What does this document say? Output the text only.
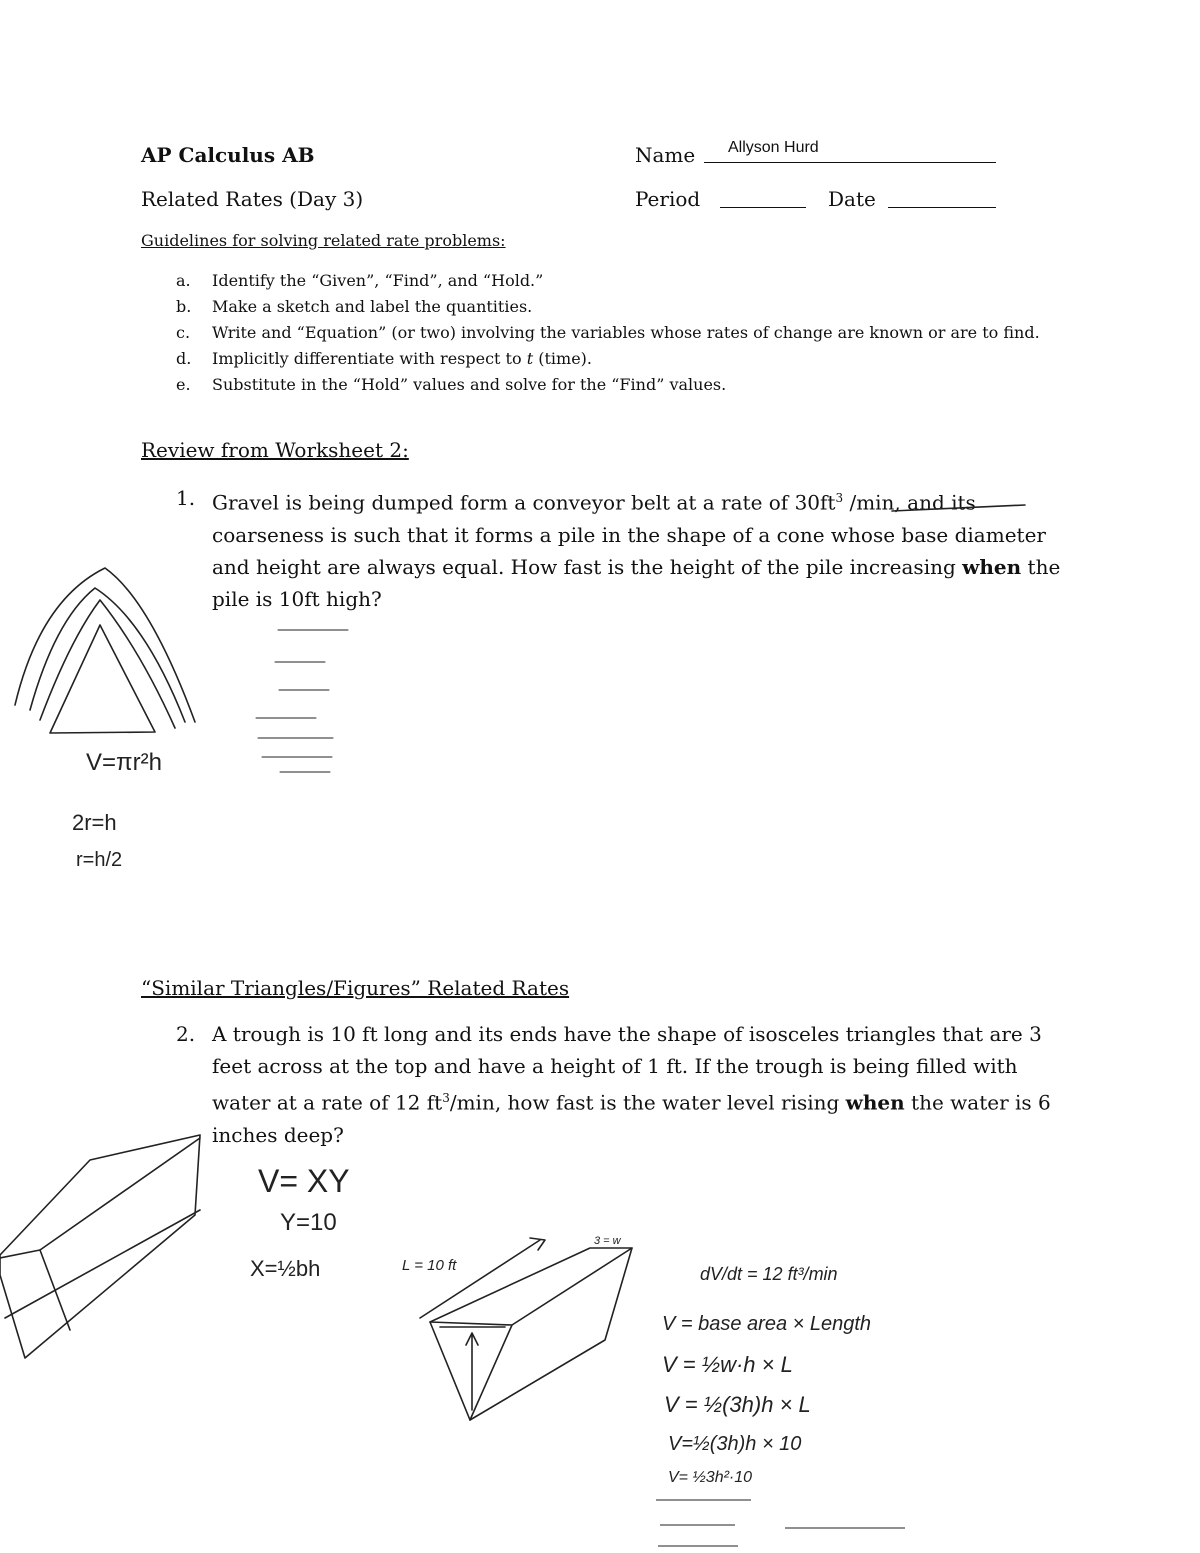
AP Calculus AB
Related Rates (Day 3)
Name Allyson Hurd
Period	Date
Guidelines for solving related rate problems:
a.	Identify the “Given”, “Find”, and “Hold.”
b.	Make a sketch and label the quantities.
c.	Write and “Equation” (or two) involving the variables whose rates of change are known or are to find.
d.	Implicitly differentiate with respect to t (time).
e.	Substitute in the “Hold” values and solve for the “Find” values.
Review from Worksheet 2:
1. Gravel is being dumped form a conveyor belt at a rate of $30ft^3$ /min, and its coarseness is such that it forms a pile in the shape of a cone whose base diameter and height are always equal. How fast is the height of the pile increasing when the pile is 10ft high?
“Similar Triangles/Figures” Related Rates
2. A trough is 10 ft long and its ends have the shape of isosceles triangles that are 3 feet across at the top and have a height of 1 ft. If the trough is being filled with water at a rate of 12 $ft^3/\min$, how fast is the water level rising when the water is 6 inches deep?
V=πr²h
2r=h
r=h/2
V= XY
Y=10
X=½bh	L = 10 ft
3 = w
dV/dt = 12 ft³/min
V = base area × Length
V = ½w·h × L
V = ½(3h)h × L
V=½(3h)h × 10
V= ½3h²·10
